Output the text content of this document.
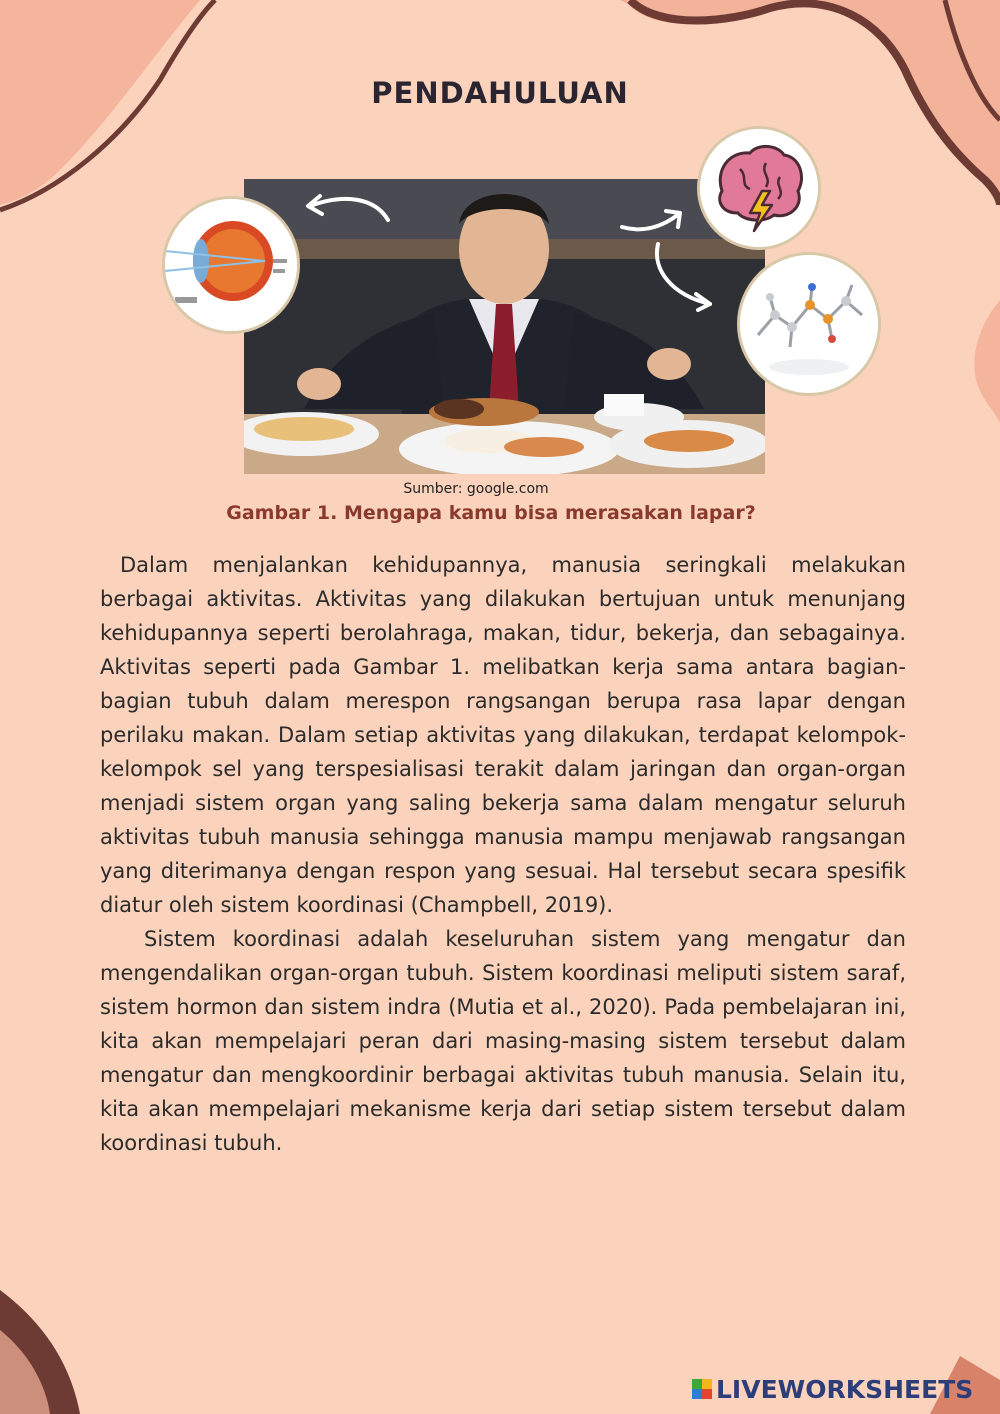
PENDAHULUAN
Sumber: google.com
Gambar 1. Mengapa kamu bisa merasakan lapar?

Dalam menjalankan kehidupannya, manusia seringkali melakukan berbagai aktivitas. Aktivitas yang dilakukan bertujuan untuk menunjang kehidupannya seperti berolahraga, makan, tidur, bekerja, dan sebagainya. Aktivitas seperti pada Gambar 1. melibatkan kerja sama antara bagian-bagian tubuh dalam merespon rangsangan berupa rasa lapar dengan perilaku makan. Dalam setiap aktivitas yang dilakukan, terdapat kelompok-kelompok sel yang terspesialisasi terakit dalam jaringan dan organ-organ menjadi sistem organ yang saling bekerja sama dalam mengatur seluruh aktivitas tubuh manusia sehingga manusia mampu menjawab rangsangan yang diterimanya dengan respon yang sesuai. Hal tersebut secara spesifik diatur oleh sistem koordinasi (Champbell, 2019).

Sistem koordinasi adalah keseluruhan sistem yang mengatur dan mengendalikan organ-organ tubuh. Sistem koordinasi meliputi sistem saraf, sistem hormon dan sistem indra (Mutia et al., 2020). Pada pembelajaran ini, kita akan mempelajari peran dari masing-masing sistem tersebut dalam mengatur dan mengkoordinir berbagai aktivitas tubuh manusia. Selain itu, kita akan mempelajari mekanisme kerja dari setiap sistem tersebut dalam koordinasi tubuh.

LIVEWORKSHEETS
